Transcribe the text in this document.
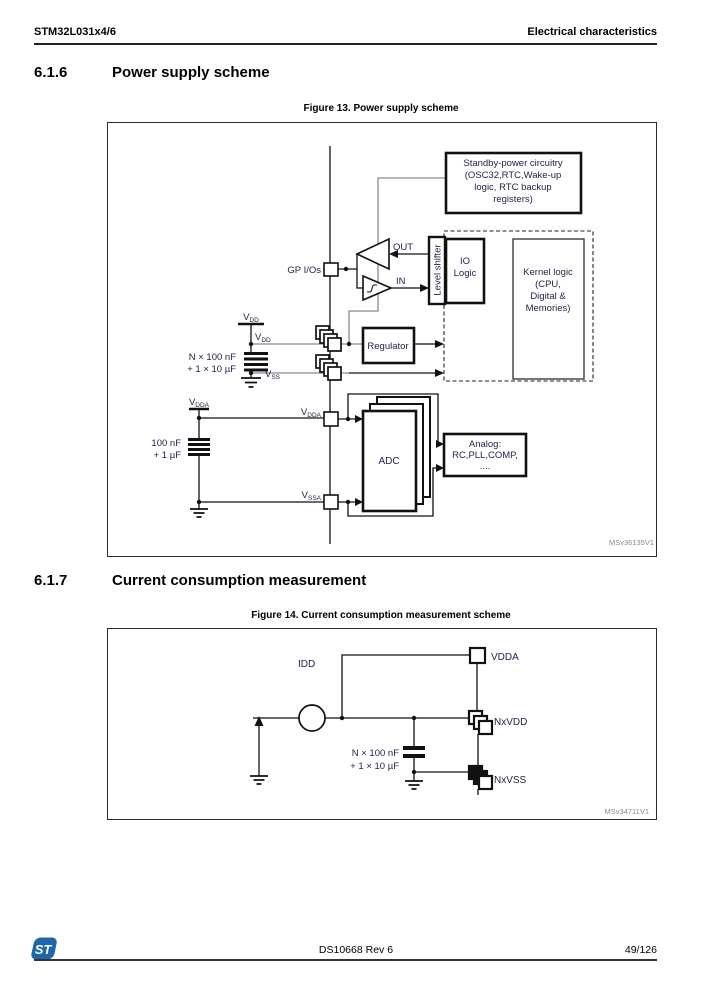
STM32L031x4/6	Electrical characteristics
6.1.6	Power supply scheme
Figure 13. Power supply scheme
GP I/Os
OUT
IN
$V_{DD}$
$V_{DD}$
$V_{SS}$
$V_{DDA}$
$V_{DDA}$
$V_{SSA}$
N × 100 nF
+ 1 × 10 µF
100 nF
+ 1 µF
Standby-power circuitry
(OSC32,RTC,Wake-up
logic, RTC backup
registers)
Level shifter IO
Logic	Kernel logic
(CPU,
Digital &
Memories)
Regulator
ADC
Analog:
RC,PLL,COMP,
....
MSv36135V1
6.1.7	Current consumption measurement
Figure 14. Current consumption measurement scheme
IDD
VDDA
NxVDD
NxVSS
N × 100 nF
+ 1 × 10 µF
MSv34711V1
ST	DS10668 Rev 6	49/126
